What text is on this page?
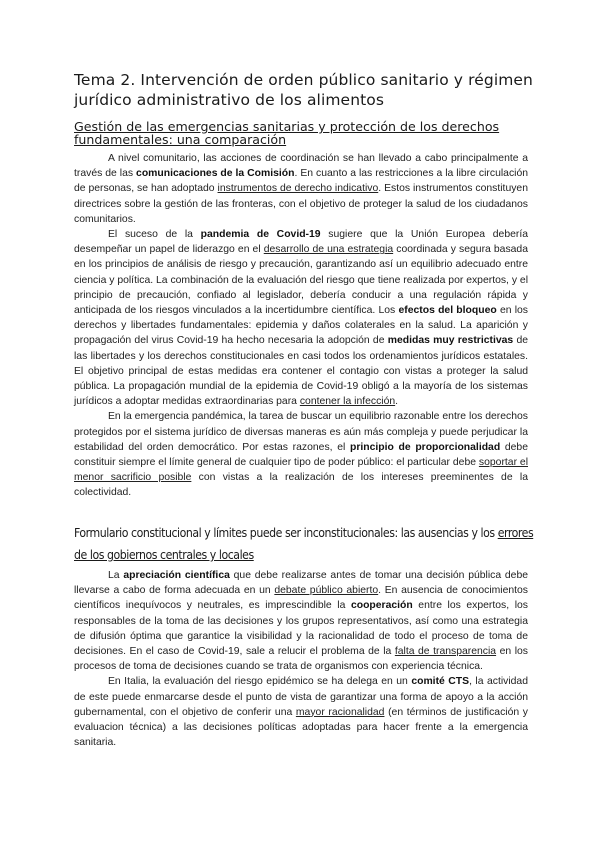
Tema 2. Intervención de orden público sanitario y régimen jurídico administrativo de los alimentos
Gestión de las emergencias sanitarias y protección de los derechos fundamentales: una comparación

A nivel comunitario, las acciones de coordinación se han llevado a cabo principalmente a través de las comunicaciones de la Comisión. En cuanto a las restricciones a la libre circulación de personas, se han adoptado instrumentos de derecho indicativo. Estos instrumentos constituyen directrices sobre la gestión de las fronteras, con el objetivo de proteger la salud de los ciudadanos comunitarios.

El suceso de la pandemia de Covid-19 sugiere que la Unión Europea debería desempeñar un papel de liderazgo en el desarrollo de una estrategia coordinada y segura basada en los principios de análisis de riesgo y precaución, garantizando así un equilibrio adecuado entre ciencia y política. La combinación de la evaluación del riesgo que tiene realizada por expertos, y el principio de precaución, confiado al legislador, debería conducir a una regulación rápida y anticipada de los riesgos vinculados a la incertidumbre científica. Los efectos del bloqueo en los derechos y libertades fundamentales: epidemia y daños colaterales en la salud. La aparición y propagación del virus Covid-19 ha hecho necesaria la adopción de medidas muy restrictivas de las libertades y los derechos constitucionales en casi todos los ordenamientos jurídicos estatales. El objetivo principal de estas medidas era contener el contagio con vistas a proteger la salud pública. La propagación mundial de la epidemia de Covid-19 obligó a la mayoría de los sistemas jurídicos a adoptar medidas extraordinarias para contener la infección.

En la emergencia pandémica, la tarea de buscar un equilibrio razonable entre los derechos protegidos por el sistema jurídico de diversas maneras es aún más compleja y puede perjudicar la estabilidad del orden democrático. Por estas razones, el principio de proporcionalidad debe constituir siempre el límite general de cualquier tipo de poder público: el particular debe soportar el menor sacrificio posible con vistas a la realización de los intereses preeminentes de la colectividad.

Formulario constitucional y límites puede ser inconstitucionales: las ausencias y los errores de los gobiernos centrales y locales

La apreciación científica que debe realizarse antes de tomar una decisión pública debe llevarse a cabo de forma adecuada en un debate público abierto. En ausencia de conocimientos científicos inequívocos y neutrales, es imprescindible la cooperación entre los expertos, los responsables de la toma de las decisiones y los grupos representativos, así como una estrategia de difusión óptima que garantice la visibilidad y la racionalidad de todo el proceso de toma de decisiones. En el caso de Covid-19, sale a relucir el problema de la falta de transparencia en los procesos de toma de decisiones cuando se trata de organismos con experiencia técnica.

En Italia, la evaluación del riesgo epidémico se ha delega en un comité CTS, la actividad de este puede enmarcarse desde el punto de vista de garantizar una forma de apoyo a la acción gubernamental, con el objetivo de conferir una mayor racionalidad (en términos de justificación y evaluacion técnica) a las decisiones políticas adoptadas para hacer frente a la emergencia sanitaria.
